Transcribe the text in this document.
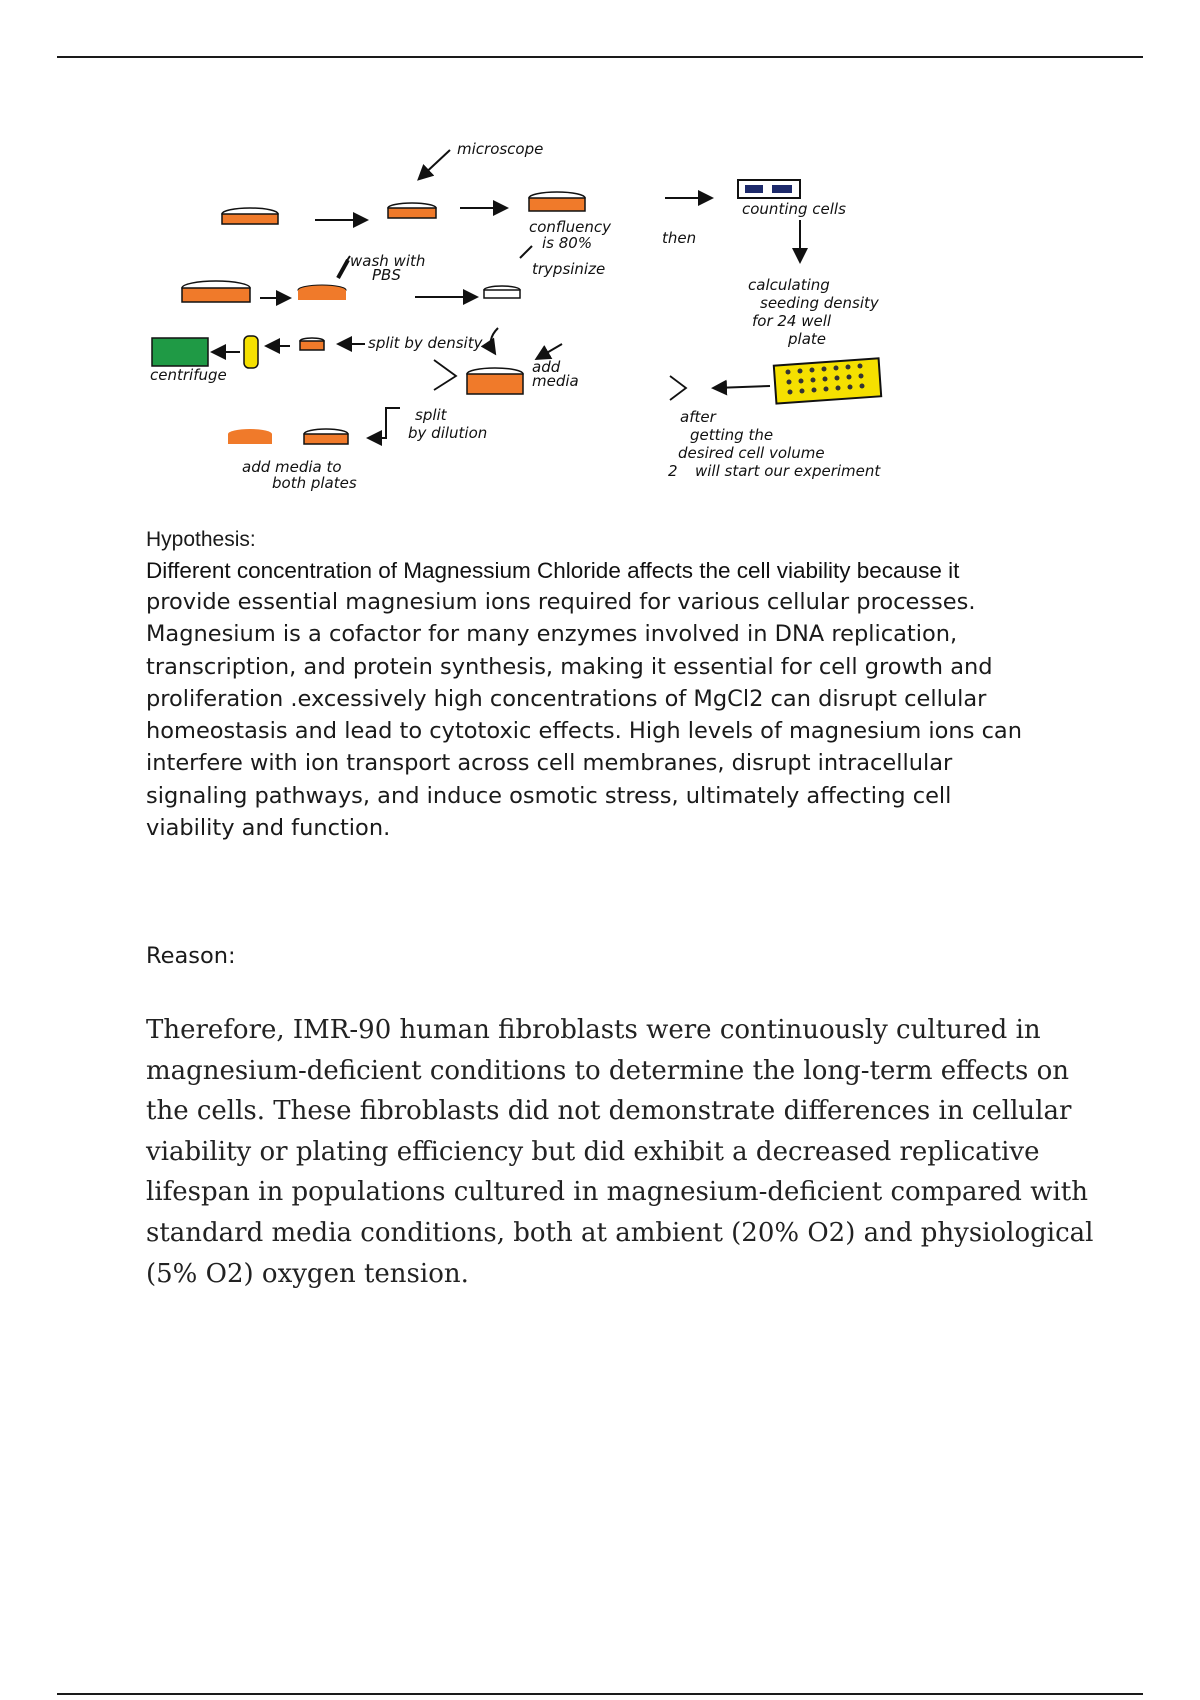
microscope
confluency
is 80%	then
counting cells
calculating
seeding density
for 24 well
plate
after
getting the
desired cell volume
2 will start our experiment
wash with
PBS	trypsinize
centrifuge
split by density
add
media
split
by dilution
add media to
both plates

Hypothesis:

Different concentration of Magnessium Chloride affects the cell viability because it

provide essential magnesium ions required for various cellular processes.
Magnesium is a cofactor for many enzymes involved in DNA replication,
transcription, and protein synthesis, making it essential for cell growth and
proliferation .excessively high concentrations of MgCl2 can disrupt cellular
homeostasis and lead to cytotoxic effects. High levels of magnesium ions can
interfere with ion transport across cell membranes, disrupt intracellular
signaling pathways, and induce osmotic stress, ultimately affecting cell
viability and function.

Reason:

Therefore, IMR-90 human fibroblasts were continuously cultured in
magnesium-deficient conditions to determine the long-term effects on
the cells. These fibroblasts did not demonstrate differences in cellular
viability or plating efficiency but did exhibit a decreased replicative
lifespan in populations cultured in magnesium-deficient compared with
standard media conditions, both at ambient (20% O2) and physiological
(5% O2) oxygen tension.
